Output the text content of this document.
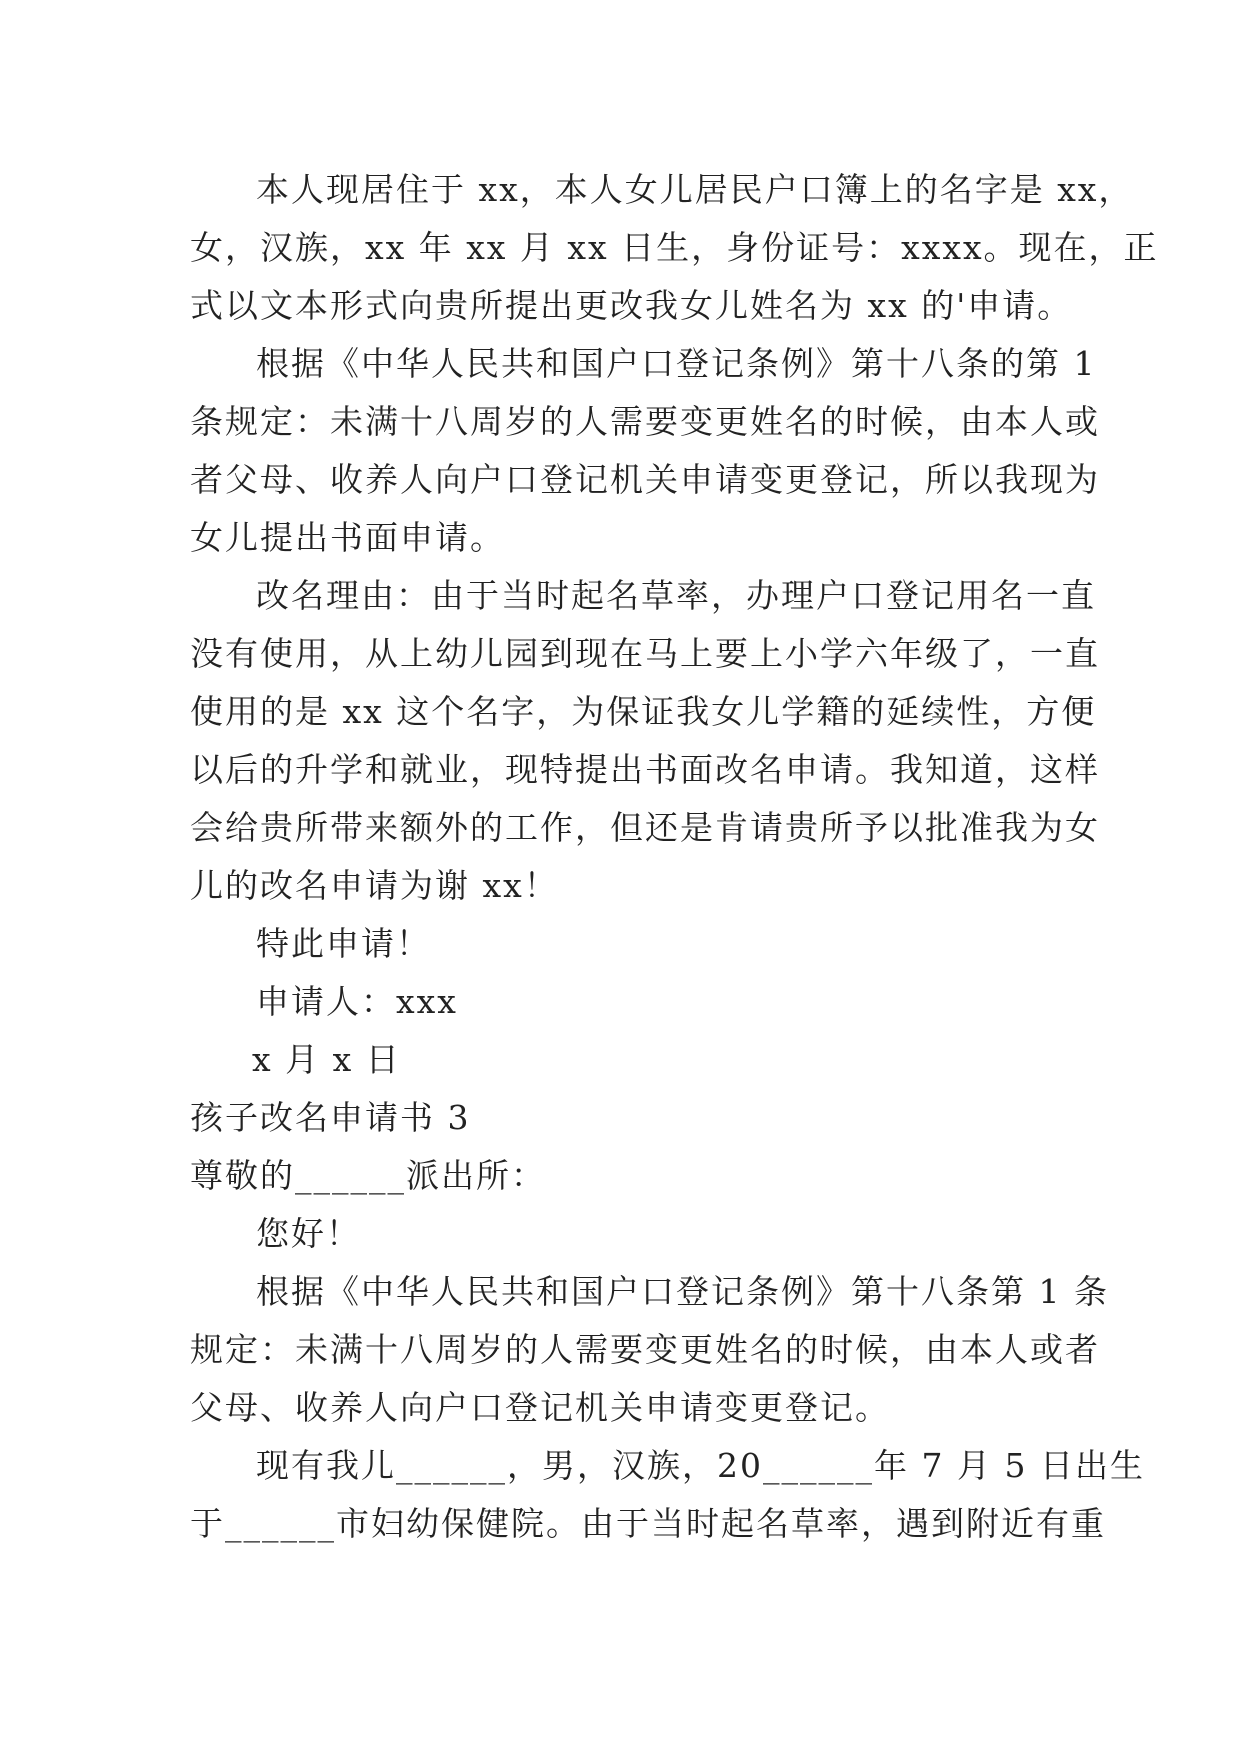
本人现居住于 xx，本人女儿居民户口簿上的名字是 xx，
女，汉族，xx 年 xx 月 xx 日生，身份证号：xxxx。现在，正
式以文本形式向贵所提出更改我女儿姓名为 xx 的'申请。
根据《中华人民共和国户口登记条例》第十八条的第 1
条规定：未满十八周岁的人需要变更姓名的时候，由本人或
者父母、收养人向户口登记机关申请变更登记，所以我现为
女儿提出书面申请。
改名理由：由于当时起名草率，办理户口登记用名一直
没有使用，从上幼儿园到现在马上要上小学六年级了，一直
使用的是 xx 这个名字，为保证我女儿学籍的延续性，方便
以后的升学和就业，现特提出书面改名申请。我知道，这样
会给贵所带来额外的工作，但还是肯请贵所予以批准我为女
儿的改名申请为谢 xx！
特此申请！
申请人：xxx
x 月 x 日
孩子改名申请书 3
尊敬的______派出所：
您好！
根据《中华人民共和国户口登记条例》第十八条第 1 条
规定：未满十八周岁的人需要变更姓名的时候，由本人或者
父母、收养人向户口登记机关申请变更登记。
现有我儿______，男，汉族，20______年 7 月 5 日出生
于______市妇幼保健院。由于当时起名草率，遇到附近有重
